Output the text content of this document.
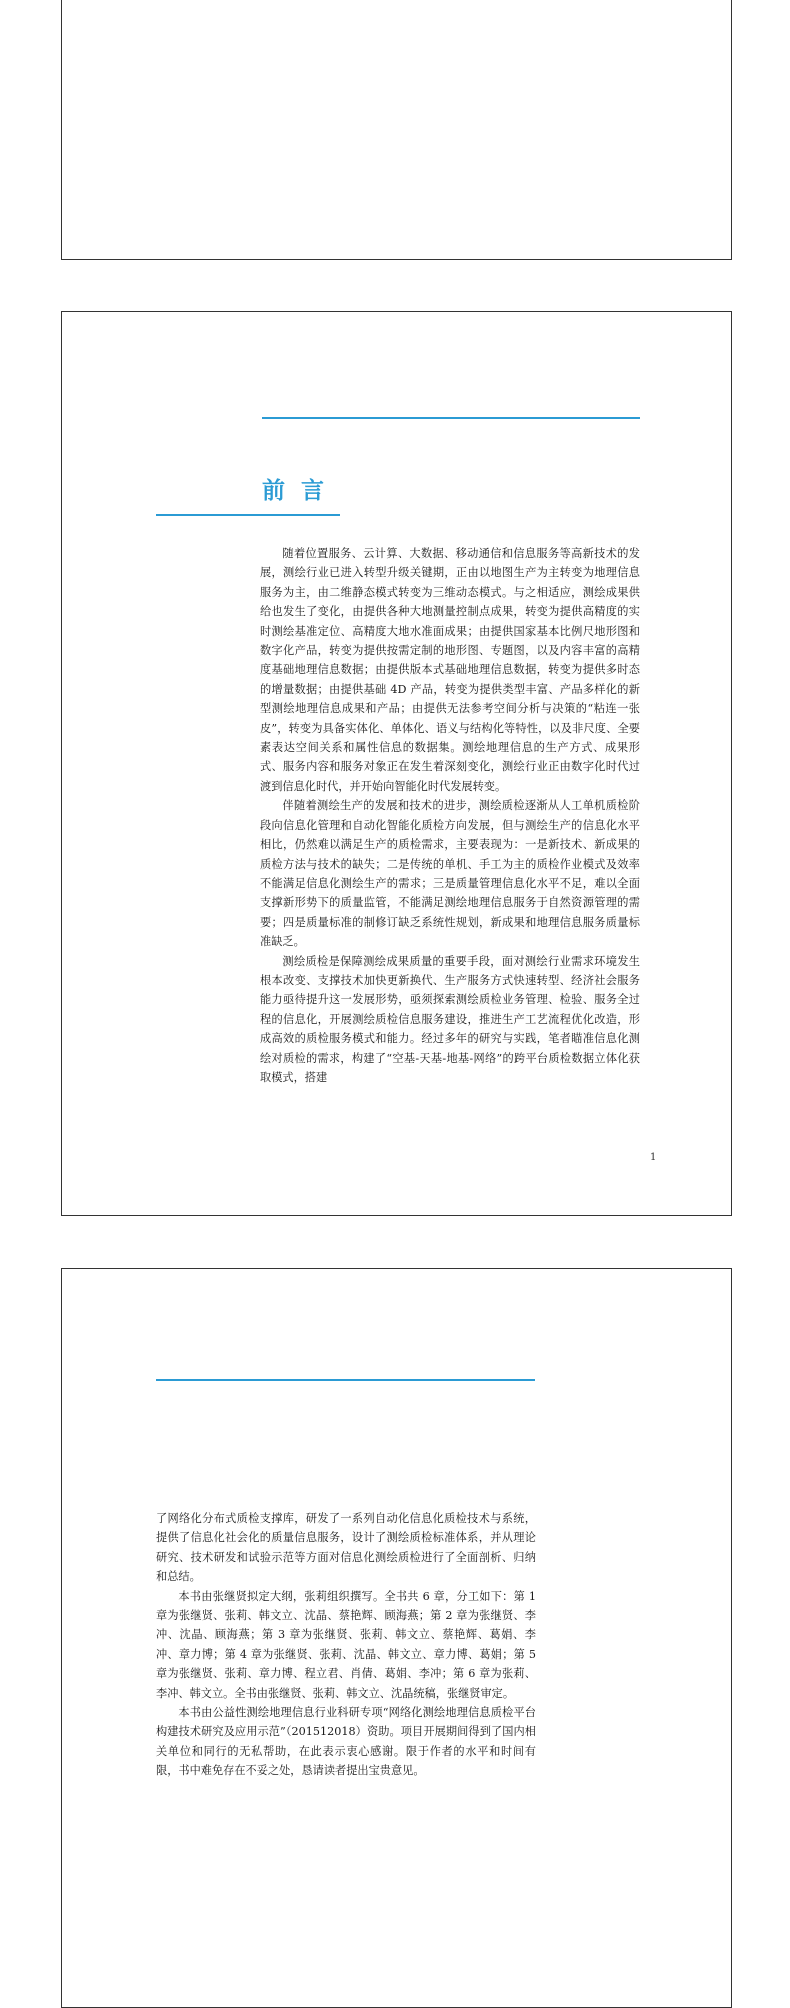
前言

随着位置服务、云计算、大数据、移动通信和信息服务等高新技术的发展，测绘行业已进入转型升级关键期，正由以地图生产为主转变为地理信息服务为主，由二维静态模式转变为三维动态模式。与之相适应，测绘成果供给也发生了变化，由提供各种大地测量控制点成果，转变为提供高精度的实时测绘基准定位、高精度大地水准面成果；由提供国家基本比例尺地形图和数字化产品，转变为提供按需定制的地形图、专题图，以及内容丰富的高精度基础地理信息数据；由提供版本式基础地理信息数据，转变为提供多时态的增量数据；由提供基础 4D 产品，转变为提供类型丰富、产品多样化的新型测绘地理信息成果和产品；由提供无法参考空间分析与决策的“粘连一张皮”，转变为具备实体化、单体化、语义与结构化等特性，以及非尺度、全要素表达空间关系和属性信息的数据集。测绘地理信息的生产方式、成果形式、服务内容和服务对象正在发生着深刻变化，测绘行业正由数字化时代过渡到信息化时代，并开始向智能化时代发展转变。

伴随着测绘生产的发展和技术的进步，测绘质检逐渐从人工单机质检阶段向信息化管理和自动化智能化质检方向发展，但与测绘生产的信息化水平相比，仍然难以满足生产的质检需求，主要表现为：一是新技术、新成果的质检方法与技术的缺失；二是传统的单机、手工为主的质检作业模式及效率不能满足信息化测绘生产的需求；三是质量管理信息化水平不足，难以全面支撑新形势下的质量监管，不能满足测绘地理信息服务于自然资源管理的需要；四是质量标准的制修订缺乏系统性规划，新成果和地理信息服务质量标准缺乏。

测绘质检是保障测绘成果质量的重要手段，面对测绘行业需求环境发生根本改变、支撑技术加快更新换代、生产服务方式快速转型、经济社会服务能力亟待提升这一发展形势，亟须探索测绘质检业务管理、检验、服务全过程的信息化，开展测绘质检信息服务建设，推进生产工艺流程优化改造，形成高效的质检服务模式和能力。经过多年的研究与实践，笔者瞄准信息化测绘对质检的需求，构建了“空基-天基-地基-网络”的跨平台质检数据立体化获取模式，搭建

1

了网络化分布式质检支撑库，研发了一系列自动化信息化质检技术与系统，提供了信息化社会化的质量信息服务，设计了测绘质检标准体系，并从理论研究、技术研发和试验示范等方面对信息化测绘质检进行了全面剖析、归纳和总结。

本书由张继贤拟定大纲，张莉组织撰写。全书共 6 章，分工如下：第 1 章为张继贤、张莉、韩文立、沈晶、蔡艳辉、顾海燕；第 2 章为张继贤、李冲、沈晶、顾海燕；第 3 章为张继贤、张莉、韩文立、蔡艳辉、葛娟、李冲、章力博；第 4 章为张继贤、张莉、沈晶、韩文立、章力博、葛娟；第 5 章为张继贤、张莉、章力博、程立君、肖倩、葛娟、李冲；第 6 章为张莉、李冲、韩文立。全书由张继贤、张莉、韩文立、沈晶统稿，张继贤审定。

本书由公益性测绘地理信息行业科研专项“网络化测绘地理信息质检平台构建技术研究及应用示范”（201512018）资助。项目开展期间得到了国内相关单位和同行的无私帮助，在此表示衷心感谢。限于作者的水平和时间有限，书中难免存在不妥之处，恳请读者提出宝贵意见。
